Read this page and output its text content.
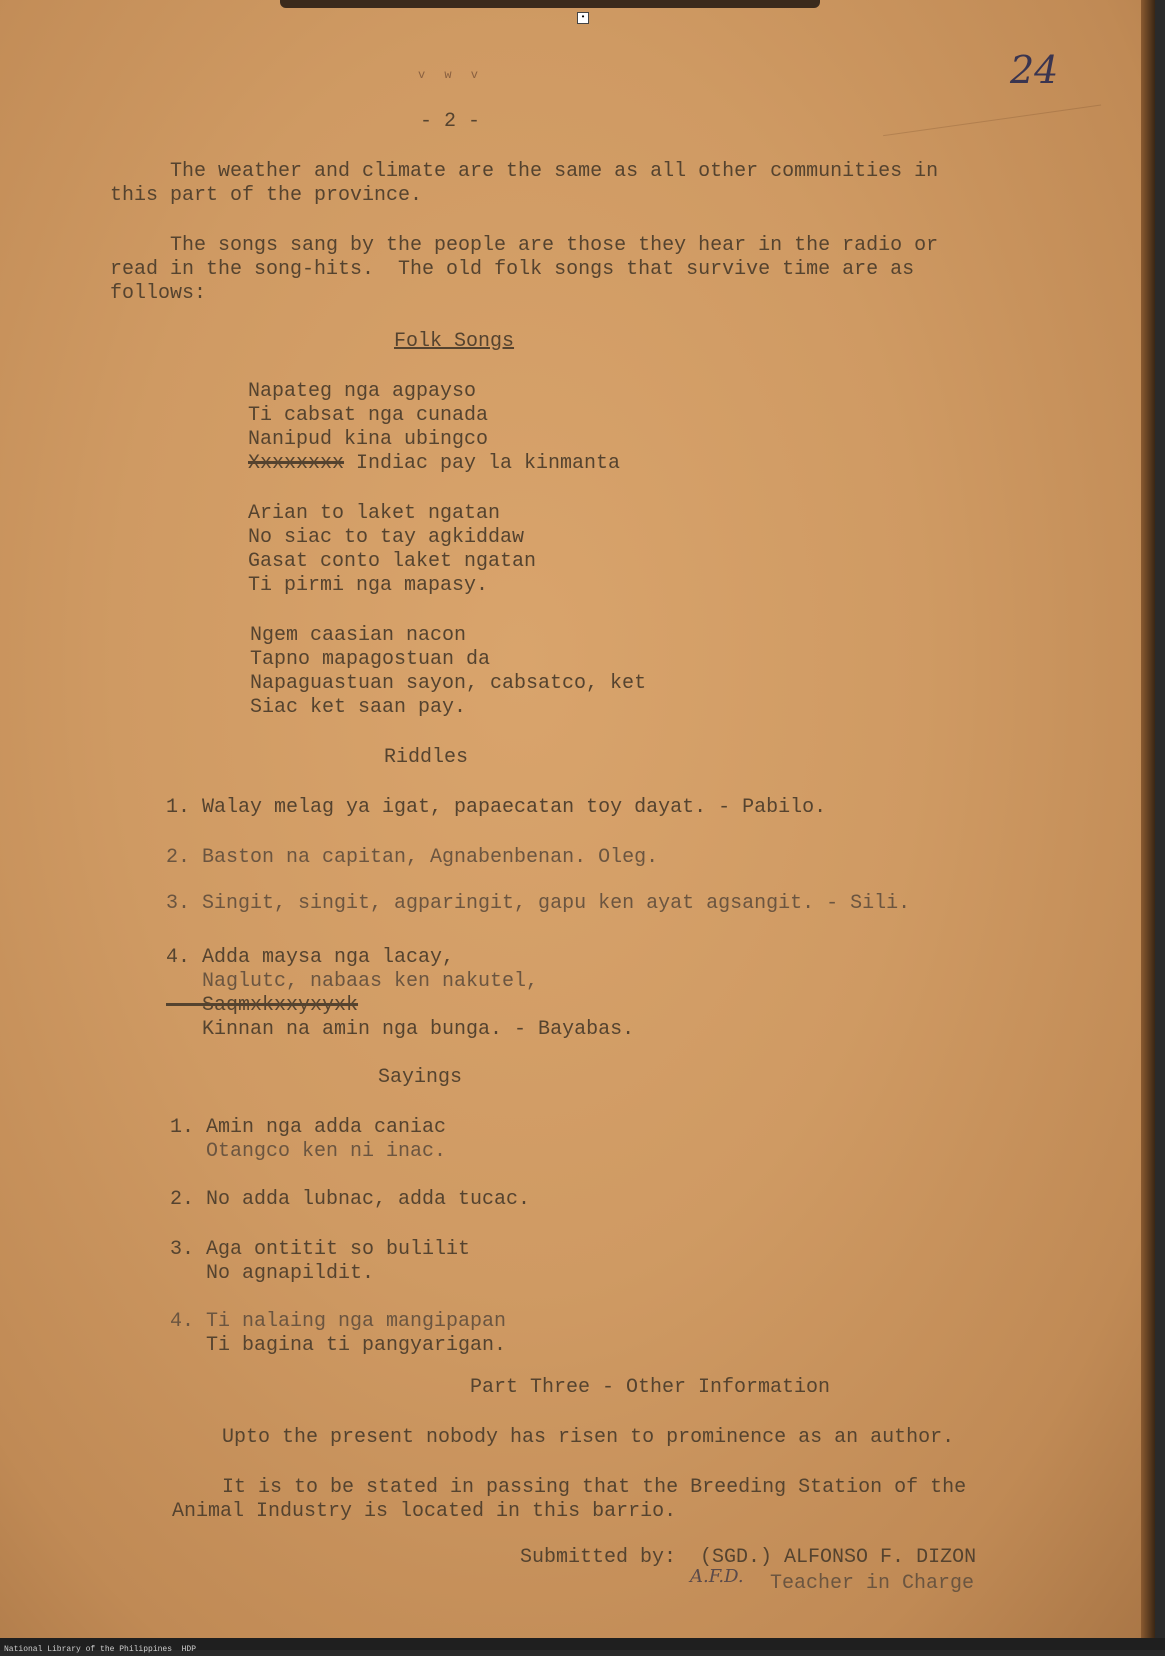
•
v w v	24
- 2 -
The weather and climate are the same as all other communities in
this part of the province.
The songs sang by the people are those they hear in the radio or
read in the song-hits.  The old folk songs that survive time are as
follows:
Folk Songs
Napateg nga agpayso
Ti cabsat nga cunada
Nanipud kina ubingco
Xxxxxxxx Indiac pay la kinmanta
Arian to laket ngatan
No siac to tay agkiddaw
Gasat conto laket ngatan
Ti pirmi nga mapasy.
Ngem caasian nacon
Tapno mapagostuan da
Napaguastuan sayon, cabsatco, ket
Siac ket saan pay.
Riddles
1. Walay melag ya igat, papaecatan toy dayat. - Pabilo.
2. Baston na capitan, Agnabenbenan. Oleg.
3. Singit, singit, agparingit, gapu ken ayat agsangit. - Sili.
4. Adda maysa nga lacay,
Naglutc, nabaas ken nakutel,
Saqmxkxxyxyxk
Kinnan na amin nga bunga. - Bayabas.
Sayings
1. Amin nga adda caniac
Otangco ken ni inac.
2. No adda lubnac, adda tucac.
3. Aga ontitit so bulilit
No agnapildit.
4. Ti nalaing nga mangipapan
Ti bagina ti pangyarigan.
Part Three - Other Information
Upto the present nobody has risen to prominence as an author.
It is to be stated in passing that the Breeding Station of the
Animal Industry is located in this barrio.
Submitted by:  (SGD.) ALFONSO F. DIZON
Teacher in Charge
A.F.D.
National Library of the Philippines  HDP
